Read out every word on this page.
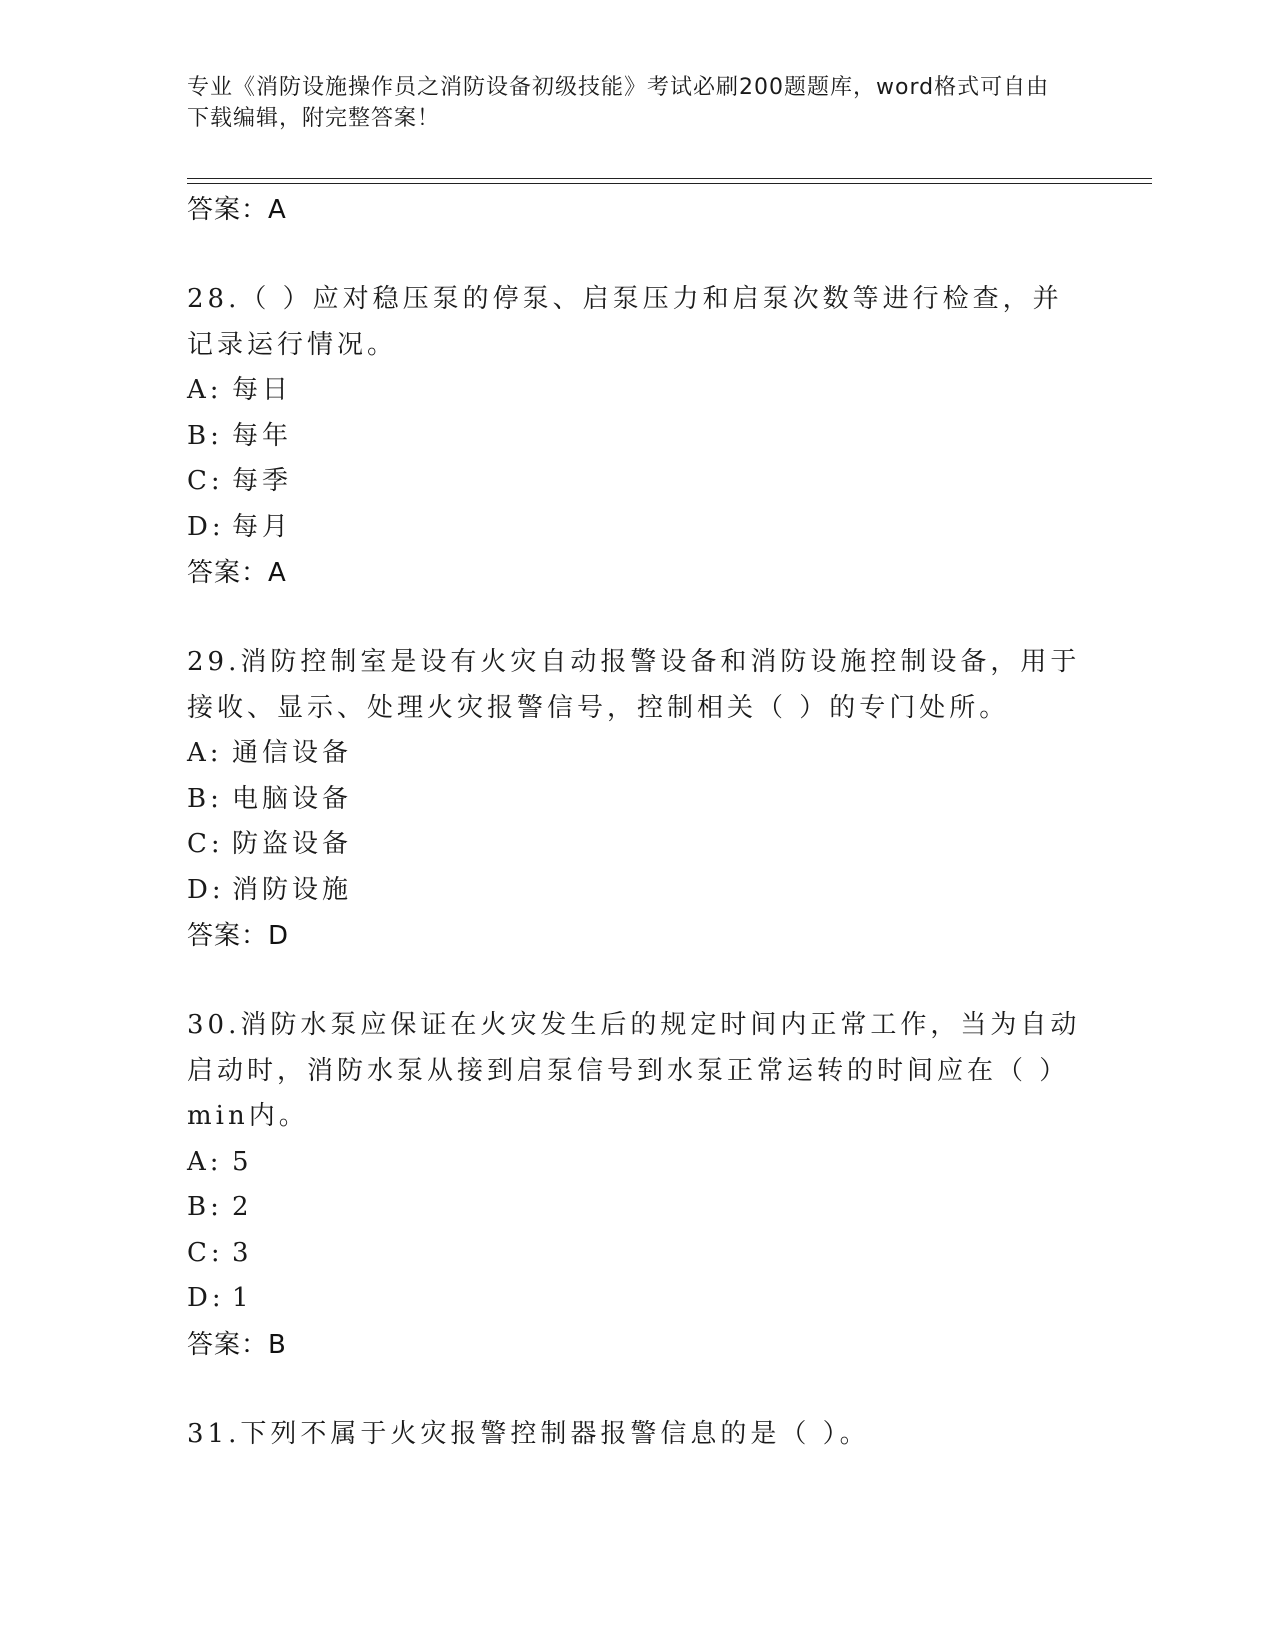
专业《消防设施操作员之消防设备初级技能》考试必刷200题题库，word格式可自由下载编辑，附完整答案！
答案：A
28.（ ）应对稳压泵的停泵、启泵压力和启泵次数等进行检查，并记录运行情况。
A: 每日
B: 每年
C: 每季
D: 每月
答案：A
29.消防控制室是设有火灾自动报警设备和消防设施控制设备，用于接收、显示、处理火灾报警信号，控制相关（ ）的专门处所。
A: 通信设备
B: 电脑设备
C: 防盗设备
D: 消防设施
答案：D
30.消防水泵应保证在火灾发生后的规定时间内正常工作，当为自动启动时，消防水泵从接到启泵信号到水泵正常运转的时间应在（ ）min内。
A: 5
B: 2
C: 3
D: 1
答案：B
31.下列不属于火灾报警控制器报警信息的是（ ）。
